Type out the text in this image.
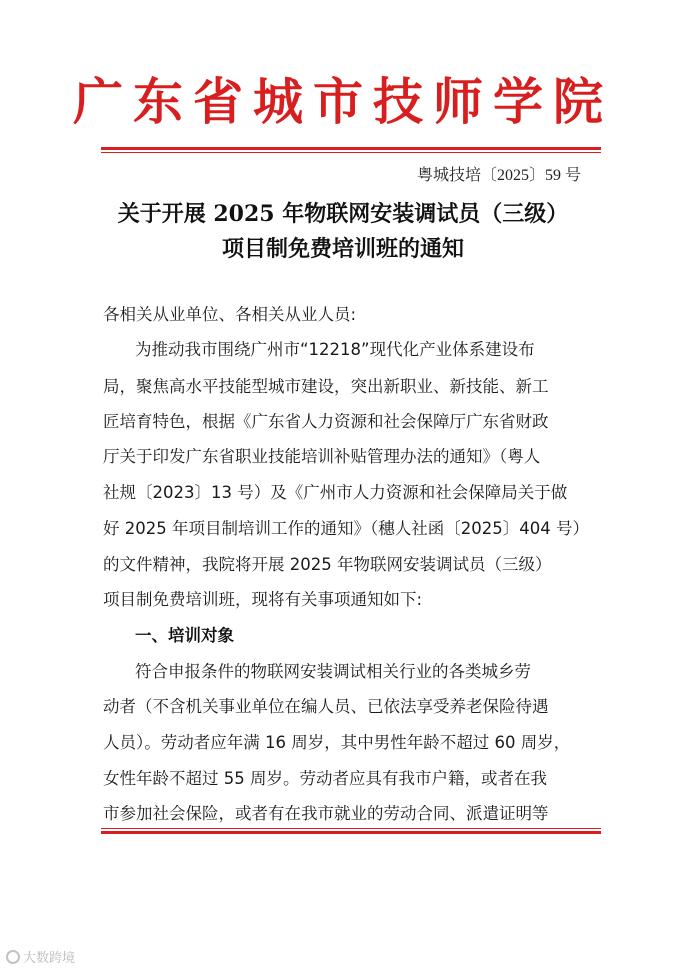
广东省城市技师学院
粤城技培〔2025〕59 号
关于开展 2025 年物联网安装调试员（三级）
项目制免费培训班的通知
各相关从业单位、各相关从业人员:
为推动我市围绕广州市“12218”现代化产业体系建设布
局，聚焦高水平技能型城市建设，突出新职业、新技能、新工
匠培育特色，根据《广东省人力资源和社会保障厅广东省财政
厅关于印发广东省职业技能培训补贴管理办法的通知》（粤人
社规〔2023〕13 号）及《广州市人力资源和社会保障局关于做
好 2025 年项目制培训工作的通知》（穗人社函〔2025〕404 号）
的文件精神，我院将开展 2025 年物联网安装调试员（三级）
项目制免费培训班，现将有关事项通知如下:
一、培训对象
符合申报条件的物联网安装调试相关行业的各类城乡劳
动者（不含机关事业单位在编人员、已依法享受养老保险待遇
人员）。劳动者应年满 16 周岁，其中男性年龄不超过 60 周岁，
女性年龄不超过 55 周岁。劳动者应具有我市户籍，或者在我
市参加社会保险，或者有在我市就业的劳动合同、派遣证明等
大数跨境
